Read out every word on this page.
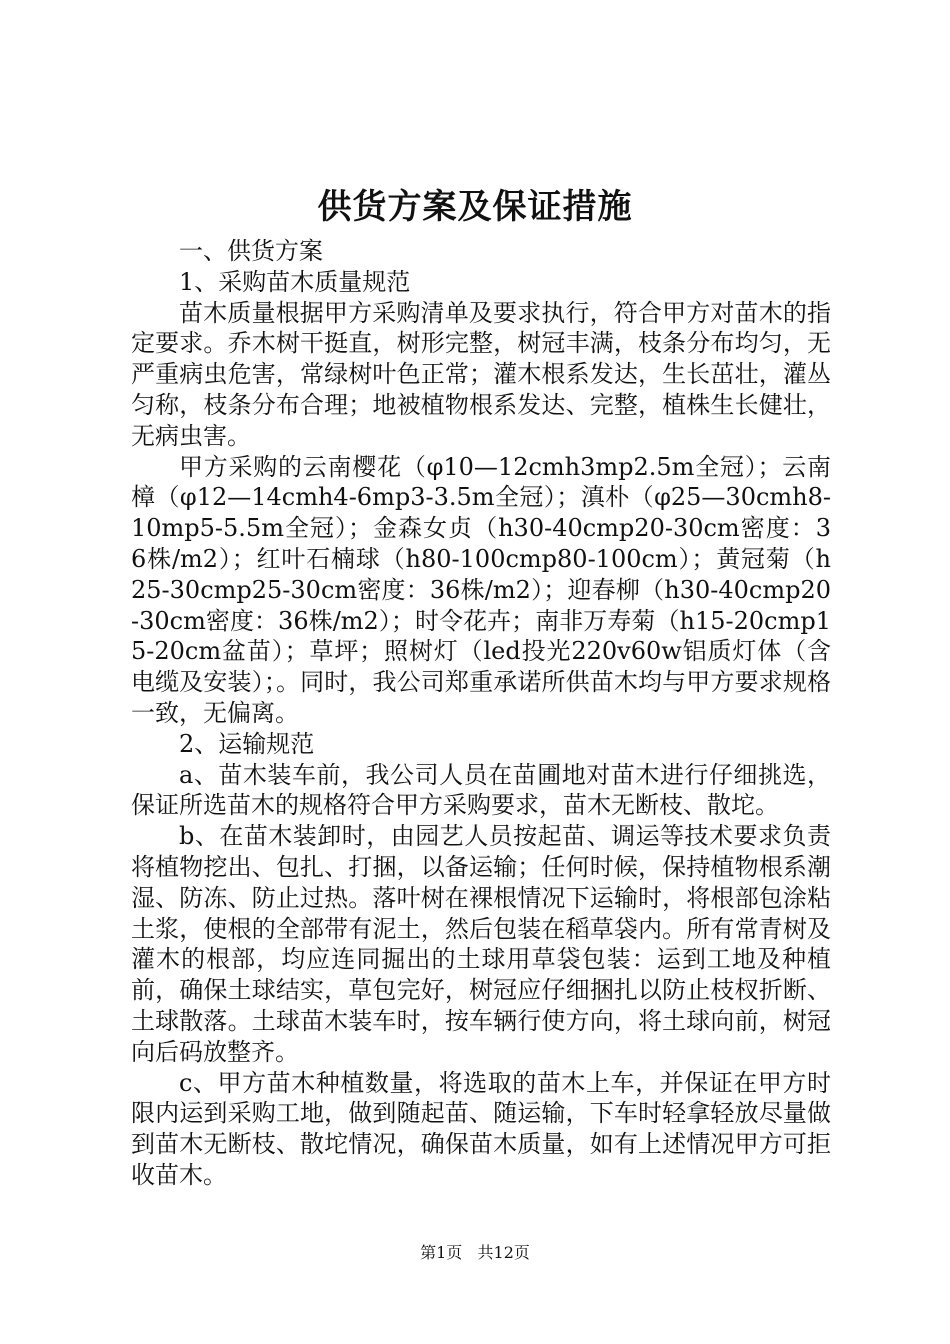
供货方案及保证措施

一、供货方案

1、采购苗木质量规范

苗木质量根据甲方采购清单及要求执行，符合甲方对苗木的指定要求。乔木树干挺直，树形完整，树冠丰满，枝条分布均匀，无严重病虫危害，常绿树叶色正常；灌木根系发达，生长茁壮，灌丛匀称，枝条分布合理；地被植物根系发达、完整，植株生长健壮，无病虫害。

甲方采购的云南樱花（φ10—12cmh3mp2.5m全冠）；云南樟（φ12—14cmh4-6mp3-3.5m全冠）；滇朴（φ25—30cmh8-10mp5-5.5m全冠）；金森女贞（h30-40cmp20-30cm密度：36株/m2）；红叶石楠球（h80-100cmp80-100cm）；黄冠菊（h25-30cmp25-30cm密度：36株/m2）；迎春柳（h30-40cmp20-30cm密度：36株/m2）；时令花卉；南非万寿菊（h15-20cmp15-20cm盆苗）；草坪；照树灯（led投光220v60w铝质灯体（含电缆及安装）；。同时，我公司郑重承诺所供苗木均与甲方要求规格一致，无偏离。

2、运输规范

a、苗木装车前，我公司人员在苗圃地对苗木进行仔细挑选，保证所选苗木的规格符合甲方采购要求，苗木无断枝、散坨。

b、在苗木装卸时，由园艺人员按起苗、调运等技术要求负责将植物挖出、包扎、打捆，以备运输；任何时候，保持植物根系潮湿、防冻、防止过热。落叶树在裸根情况下运输时，将根部包涂粘土浆，使根的全部带有泥土，然后包装在稻草袋内。所有常青树及灌木的根部，均应连同掘出的土球用草袋包装：运到工地及种植前，确保土球结实，草包完好，树冠应仔细捆扎以防止枝杈折断、土球散落。土球苗木装车时，按车辆行使方向，将土球向前，树冠向后码放整齐。

c、甲方苗木种植数量，将选取的苗木上车，并保证在甲方时限内运到采购工地，做到随起苗、随运输，下车时轻拿轻放尽量做到苗木无断枝、散坨情况，确保苗木质量，如有上述情况甲方可拒收苗木。

第1页 共12页
